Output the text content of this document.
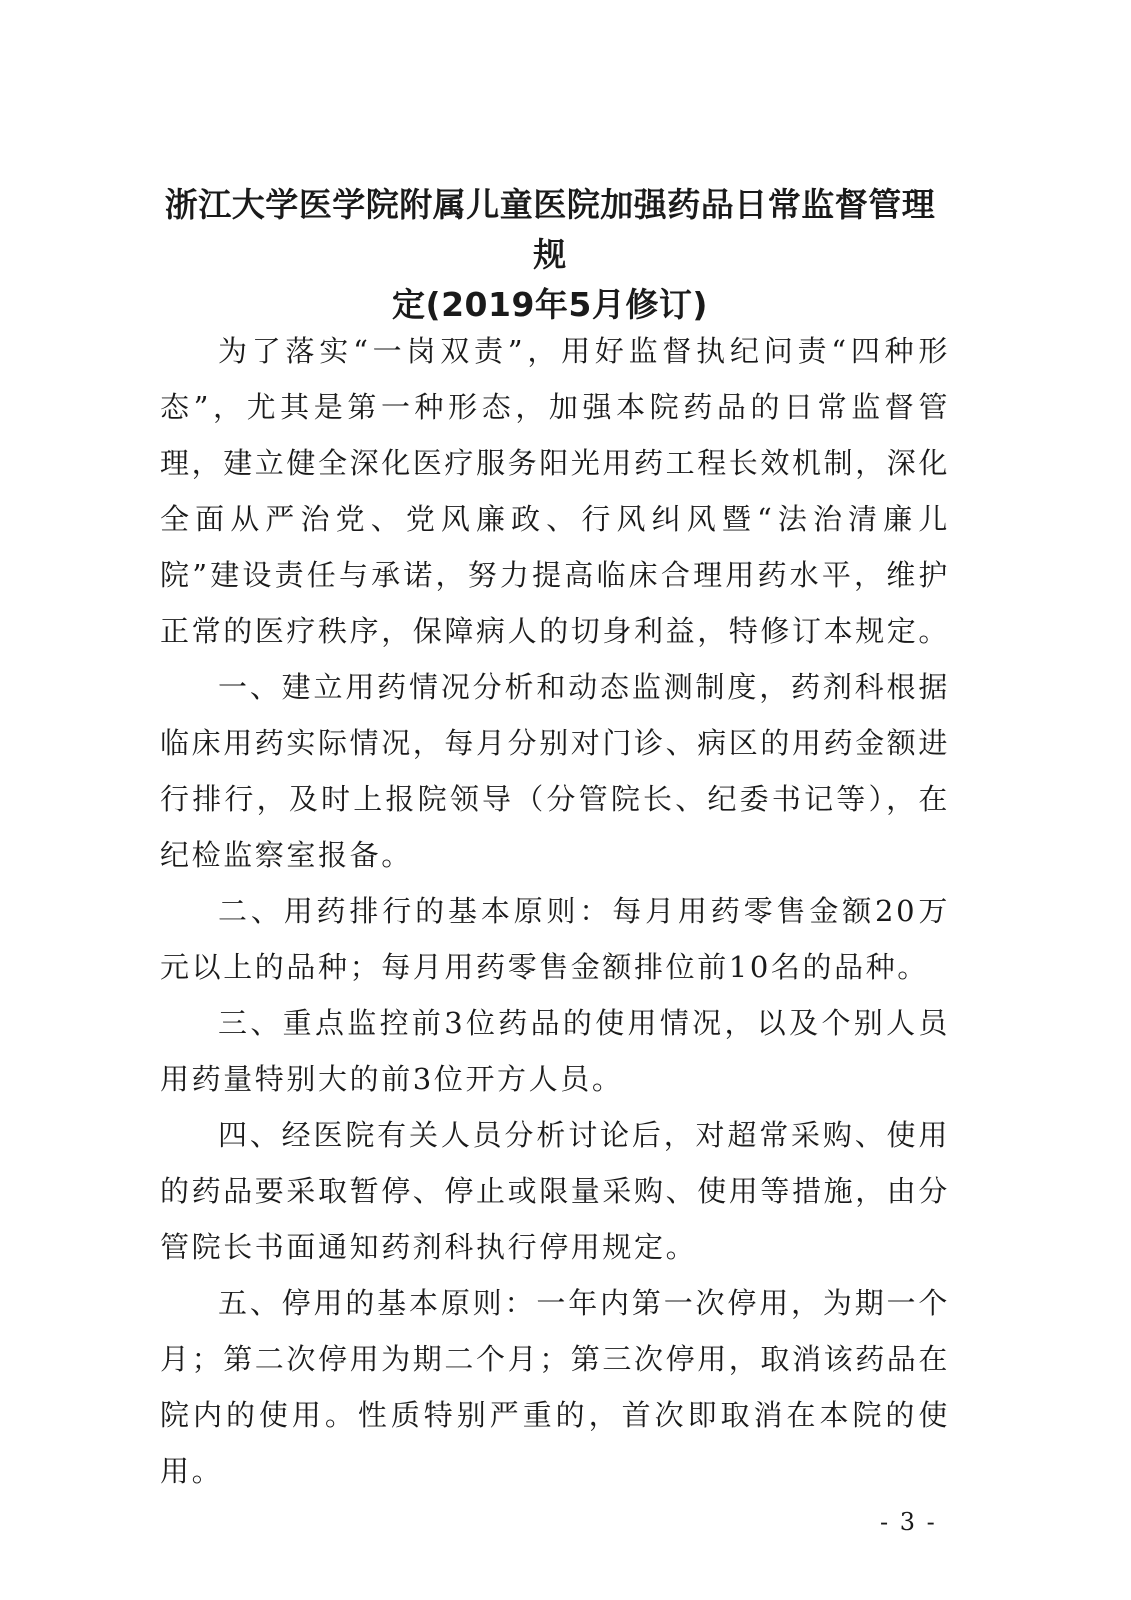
浙江大学医学院附属儿童医院加强药品日常监督管理规
定(2019年5月修订)

为了落实“一岗双责”，用好监督执纪问责“四种形态”，尤其是第一种形态，加强本院药品的日常监督管理，建立健全深化医疗服务阳光用药工程长效机制，深化全面从严治党、党风廉政、行风纠风暨“法治清廉儿院”建设责任与承诺，努力提高临床合理用药水平，维护正常的医疗秩序，保障病人的切身利益，特修订本规定。

一、建立用药情况分析和动态监测制度，药剂科根据临床用药实际情况，每月分别对门诊、病区的用药金额进行排行，及时上报院领导（分管院长、纪委书记等），在纪检监察室报备。

二、用药排行的基本原则：每月用药零售金额20万元以上的品种；每月用药零售金额排位前10名的品种。

三、重点监控前3位药品的使用情况，以及个别人员用药量特别大的前3位开方人员。

四、经医院有关人员分析讨论后，对超常采购、使用的药品要采取暂停、停止或限量采购、使用等措施，由分管院长书面通知药剂科执行停用规定。

五、停用的基本原则：一年内第一次停用，为期一个月；第二次停用为期二个月；第三次停用，取消该药品在院内的使用。性质特别严重的，首次即取消在本院的使用。

- 3 -
